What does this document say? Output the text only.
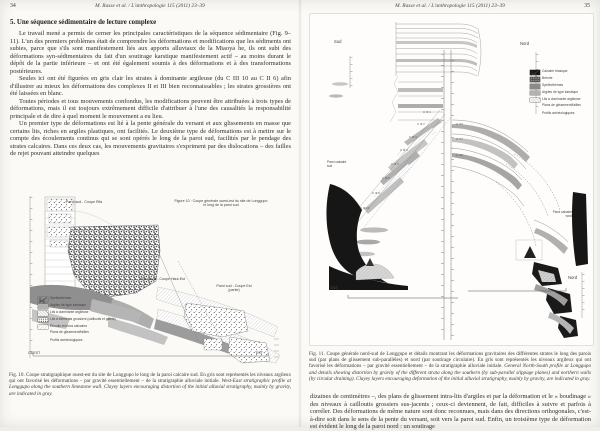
34	M. Rasse et al. / L'anthropologie 115 (2011) 23–39
5. Une séquence sédimentaire de lecture complexe

Le travail mené a permis de cerner les principales caractéristiques de la séquence sédimentaire (Fig. 9–11). L'un des premiers problèmes était de comprendre les déformations et modifications que les sédiments ont subies, parce que s'ils sont manifestement liés aux apports alluviaux de la Miaoya he, ils ont subi des déformations syn-sédimentaires du fait d'un soutirage karstique manifestement actif – au moins durant le dépôt de la partie inférieure – et ont été également soumis à des déformations et à des transformations postérieures.

Seules ici ont été figurées en gris clair les strates à dominante argileuse (du C III 10 au C II 6) afin d'illustrer au mieux les déformations des complexes II et III bien reconnaissables ; les strates grossières ont été laissées en blanc.

Toutes périodes et tous mouvements confondus, les modifications peuvent être attribuées à trois types de déformations, mais il est toujours extrêmement difficile d'attribuer à l'une des causalités la responsabilité principale et de dire à quel moment le mouvement a eu lieu.

Un premier type de déformations est lié à la pente générale du versant et aux glissements en masse que certains lits, riches en argiles plastiques, ont facilités. Le deuxième type de déformations est à mettre sur le compte des écoulements continus qui se sont opérés le long de la paroi sud, facilités par le pendage des strates calcaires. Dans ces deux cas, les mouvements gravitaires s'expriment par des dislocations – des failles de rejet pouvant atteindre quelques

Paroi sud - Coupe R6s	Figure 10 : Coupe générale ouest-est du site de Longgupo
le long de la paroi sud
Paroi sud - Coupe Haut-Est
Paroi sud - Coupe Est
(partie)
OUEST	EST
Spéléothèmes
Argiles de type karstique
Lits à dominante argileuse
Lits à éléments grossiers (cailloutis et galets)
Éboulis et blocs calcaires
Plans de glissement/failles
Profils archéologiques
Fig. 10. Coupe stratigraphique ouest-est du site de Longgupo le long de la paroi calcaire sud. En gris sont représentés les niveaux argileux qui ont favorisé les déformations – par gravité essentiellement – de la stratigraphie alluviale initiale. West-East stratigraphic profile at Longgupo along the southern limestone wall. Clayey layers encouraging distortion of the initial alluvial stratigraphy, mainly by gravity, are indicated in gray.
M. Rasse et al. / L'anthropologie 115 (2011) 23–39	35
Sud	Nord
Paroi calcaire sud
Paroi calcaire nord
Sud
Nord
C III 1
C III 2
C III 3
C III 4
C III 5
C III 6
C III 8
C III 10
C II 6
C II 7
C II 8
Calcaire triasique
Brèche
Spéléothèmes
Argiles de type karstique
Lits à dominante argileuse
Plans de glissement/failles
Profils archéologiques
Fig. 11. Coupe générale nord-sud de Longgupo et détails montrant les déformations gravitaires des différentes strates le long des parois sud (par plans de glissement sub-parallèles) et nord (par soutirage circulaire). En gris sont représentés les niveaux argileux qui ont favorisé les déformations – par gravité essentiellement – de la stratigraphie alluviale initiale. General North-South profile at Longgupo and details showing distortion by gravity of the different strata along the southern (by sub-parallel slippage planes) and northern walls (by circular draining). Clayey layers encouraging deformation of the initial alluvial stratigraphy, mainly by gravity, are indicated in gray.

dizaines de centimètres –, des plans de glissement intra-lits d'argiles et par la déformation et le « boudinage » des niveaux à cailloutis grossiers sus-jacents ; ceux-ci deviennent, de fait, difficiles à suivre et parfois à corréler. Des déformations de même nature sont donc reconnues, mais dans des directions orthogonales, c'est-à-dire soit dans le sens de la pente du versant, soit vers la paroi sud. Enfin, un troisième type de déformation est évident le long de la paroi nord : un soutirage
